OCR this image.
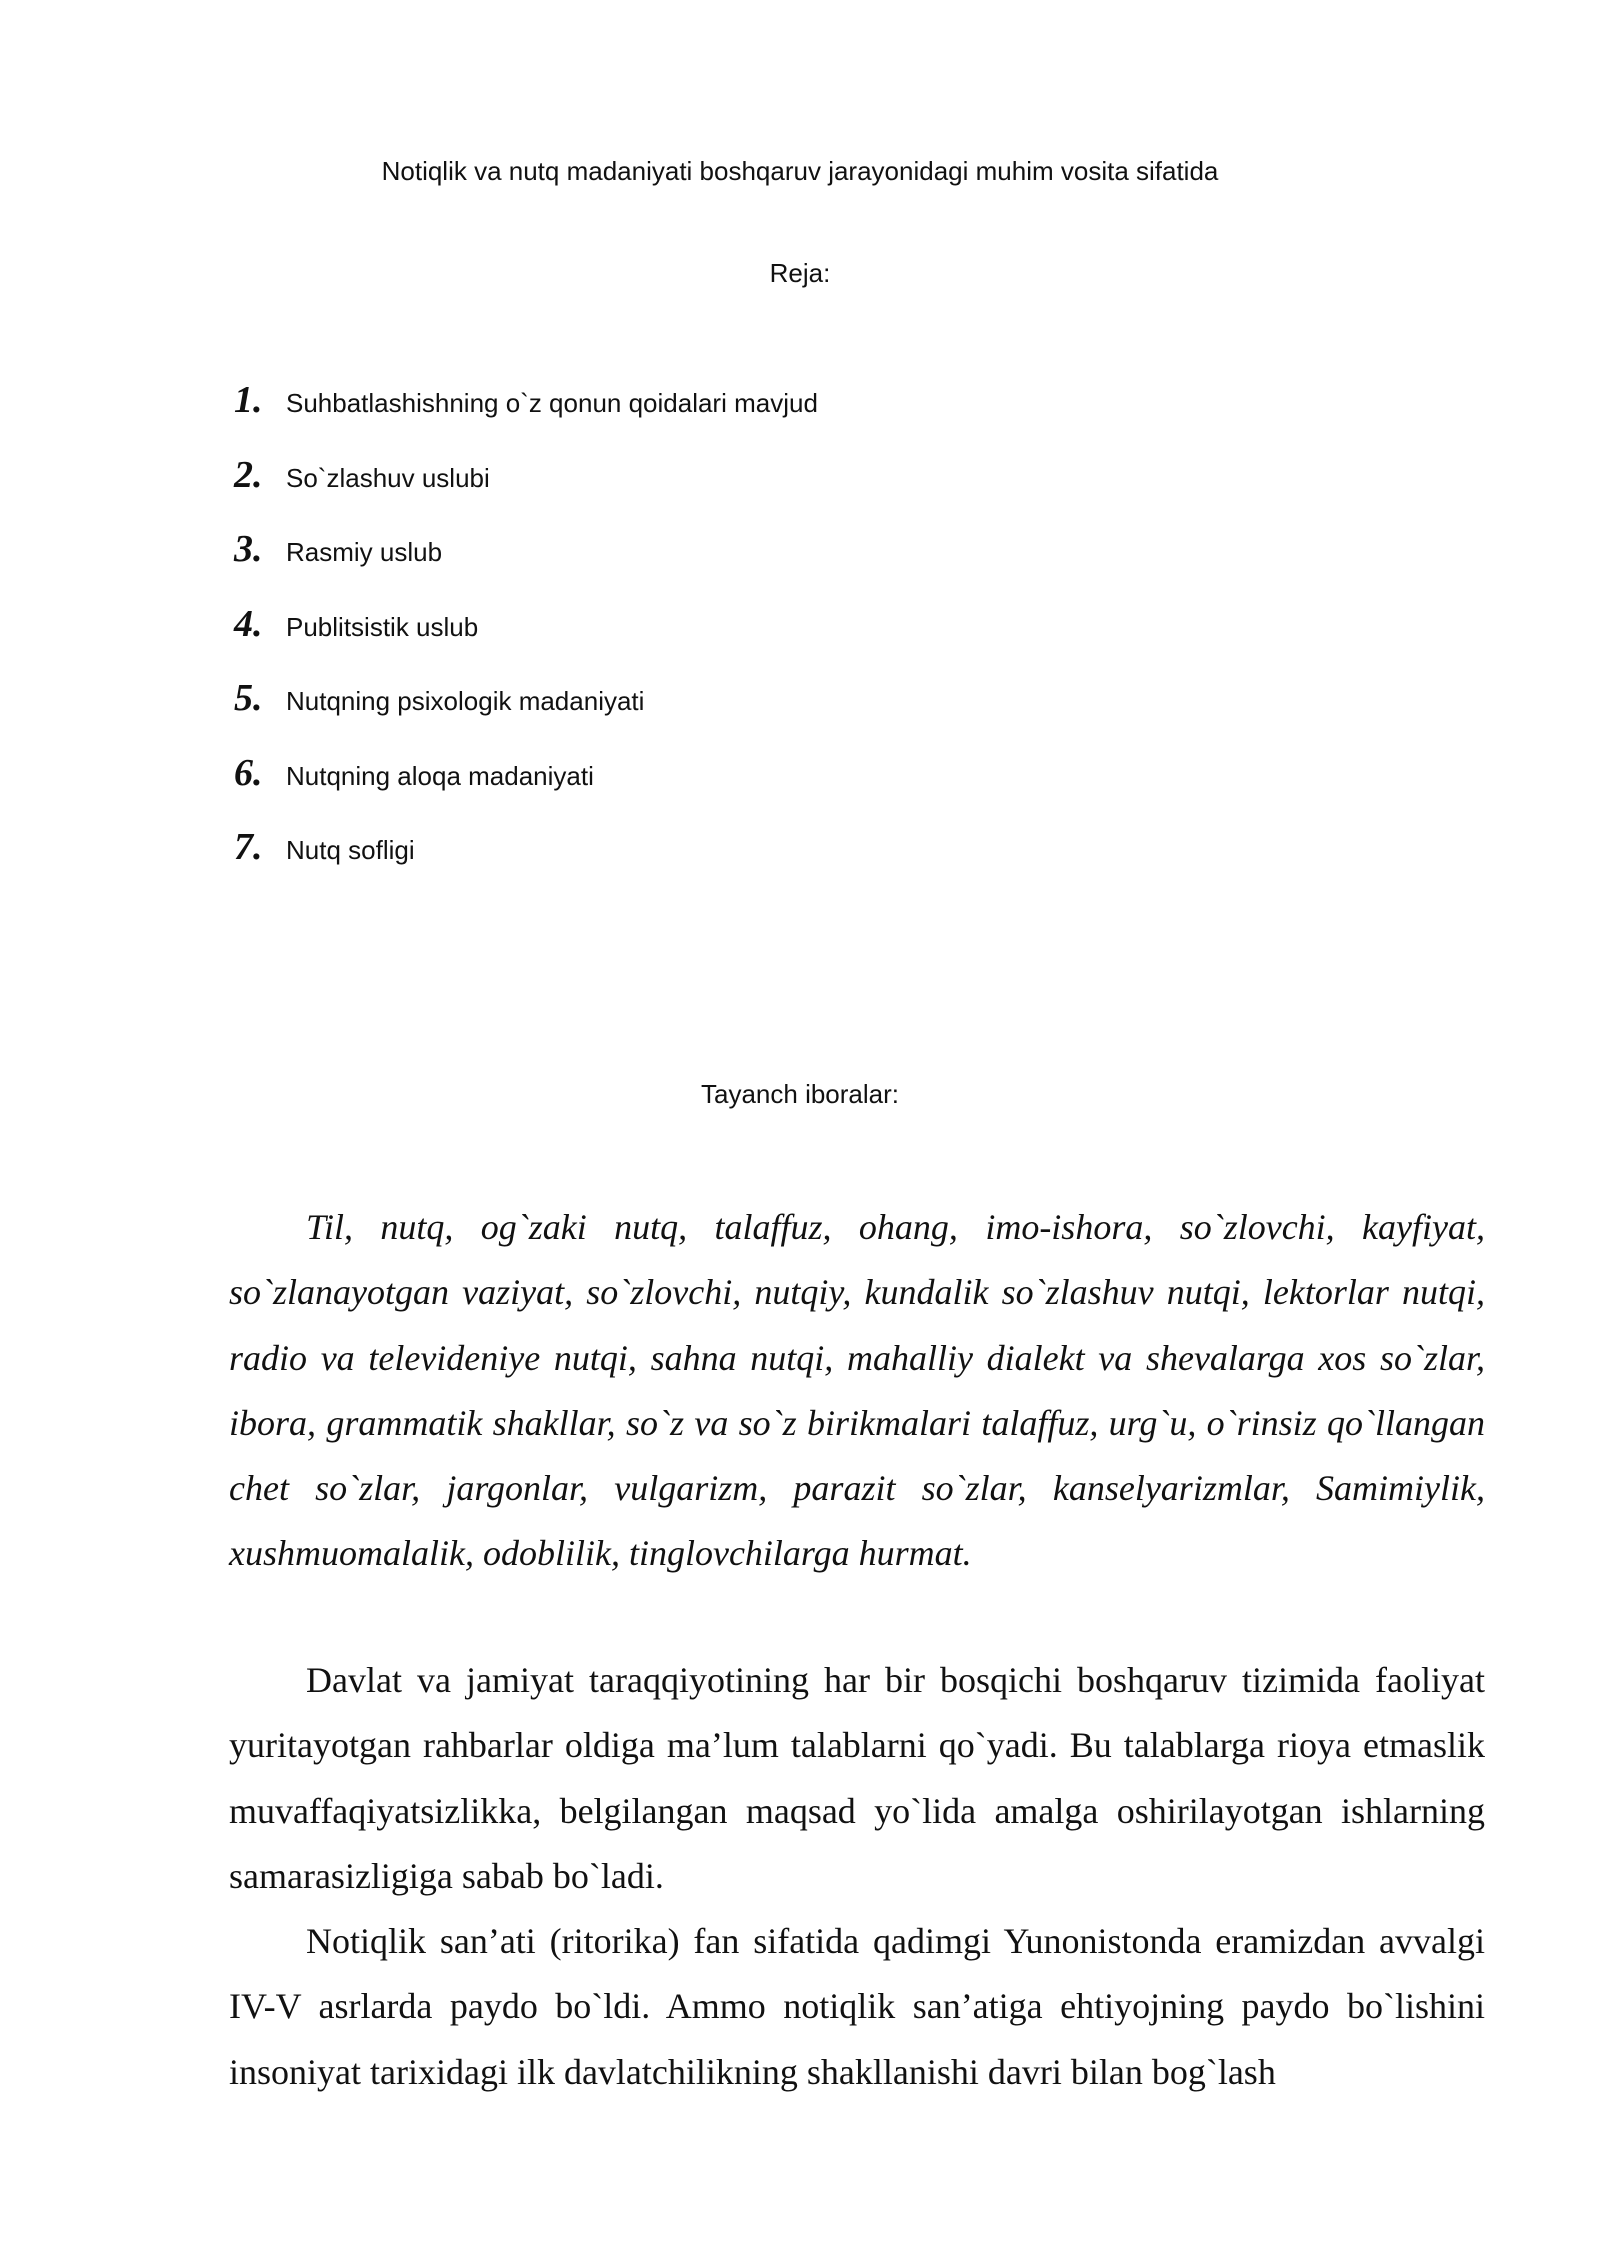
Notiqlik va nutq madaniyati boshqaruv jarayonidagi muhim vosita sifatida
Reja:
1. Suhbatlashishning o`z qonun qoidalari mavjud
2. So`zlashuv uslubi
3. Rasmiy uslub
4. Publitsistik uslub
5. Nutqning psixologik madaniyati
6. Nutqning aloqa madaniyati
7. Nutq sofligi
Tayanch iboralar:

Til, nutq, og`zaki nutq, talaffuz, ohang, imo-ishora, so`zlovchi, kayfiyat, so`zlanayotgan vaziyat, so`zlovchi, nutqiy, kundalik so`zlashuv nutqi, lektorlar nutqi, radio va televideniye nutqi, sahna nutqi, mahalliy dialekt va shevalarga xos so`zlar, ibora, grammatik shakllar, so`z va so`z birikmalari talaffuz, urg`u, o`rinsiz qo`llangan chet so`zlar, jargonlar, vulgarizm, parazit so`zlar, kanselyarizmlar, Samimiylik, xushmuomalalik, odoblilik, tinglovchilarga hurmat.

Davlat va jamiyat taraqqiyotining har bir bosqichi boshqaruv tizimida faoliyat yuritayotgan rahbarlar oldiga ma’lum talablarni qo`yadi. Bu talablarga rioya etmaslik muvaffaqiyatsizlikka, belgilangan maqsad yo`lida amalga oshirilayotgan ishlarning samarasizligiga sabab bo`ladi.

Notiqlik san’ati (ritorika) fan sifatida qadimgi Yunonistonda eramizdan avvalgi IV-V asrlarda paydo bo`ldi. Ammo notiqlik san’atiga ehtiyojning paydo bo`lishini insoniyat tarixidagi ilk davlatchilikning shakllanishi davri bilan bog`lash
